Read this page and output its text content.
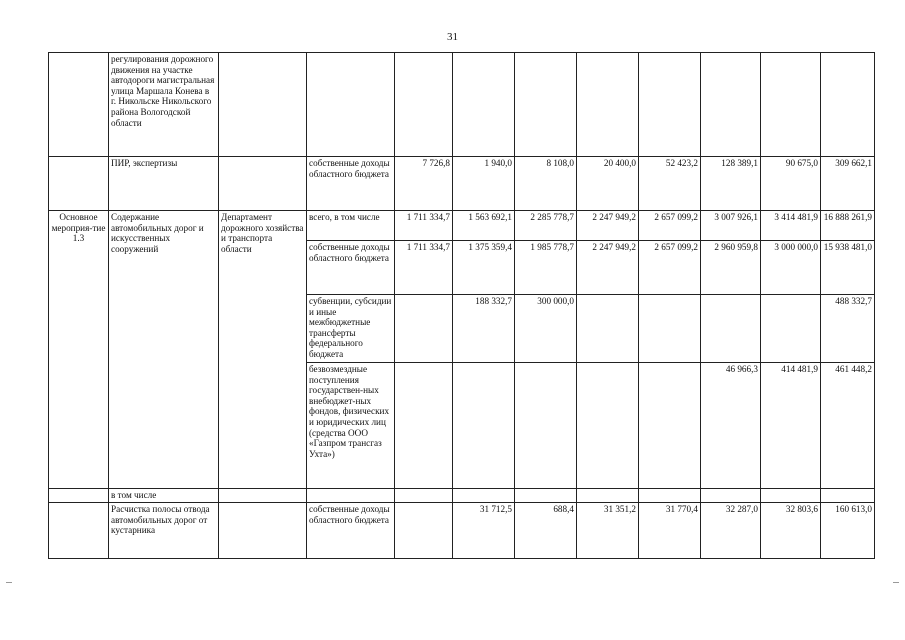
31
	регулирования дорожного движения на участке автодороги магистральная улица Маршала Конева в г. Никольске Никольского района Вологодской области										
	ПИР, экспертизы		собственные доходы областного бюджета	7 726,8	1 940,0	8 108,0	20 400,0	52 423,2	128 389,1	90 675,0	309 662,1
Основное мероприя-тие 1.3	Содержание автомобильных дорог и искусственных сооружений	Департамент дорожного хозяйства и транспорта области	всего, в том числе	1 711 334,7	1 563 692,1	2 285 778,7	2 247 949,2	2 657 099,2	3 007 926,1	3 414 481,9	16 888 261,9
			собственные доходы областного бюджета	1 711 334,7	1 375 359,4	1 985 778,7	2 247 949,2	2 657 099,2	2 960 959,8	3 000 000,0	15 938 481,0
			субвенции, субсидии и иные межбюджетные трансферты федерального бюджета		188 332,7	300 000,0					488 332,7
			безвозмездные поступления государствен-ных внебюджет-ных фондов, физических и юридических лиц (средства ООО «Газпром трансгаз Ухта»)						46 966,3	414 481,9	461 448,2
	в том числе										
	Расчистка полосы отвода автомобильных дорог от кустарника		собственные доходы областного бюджета		31 712,5	688,4	31 351,2	31 770,4	32 287,0	32 803,6	160 613,0
